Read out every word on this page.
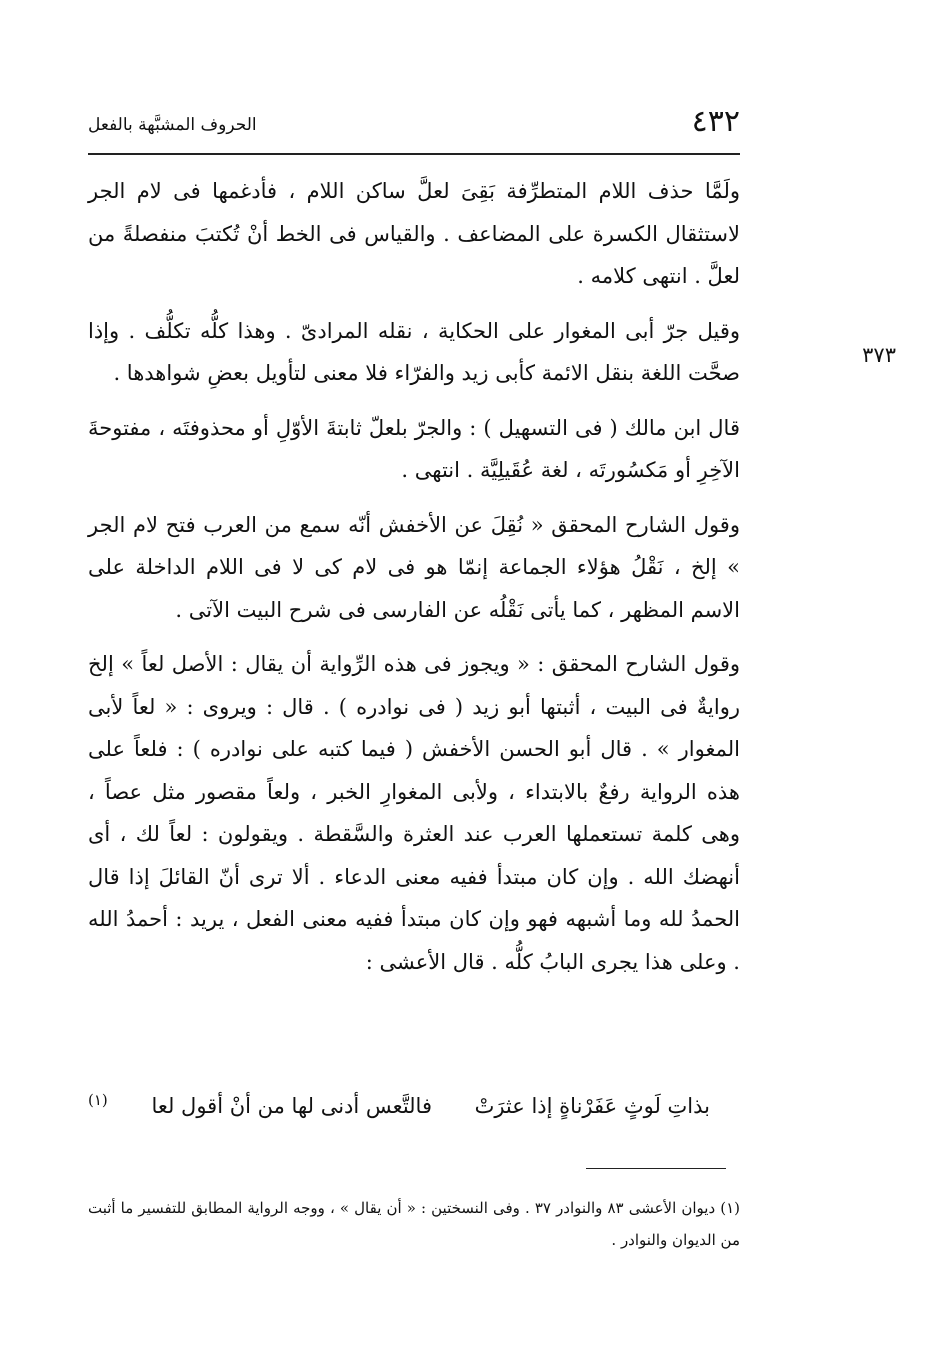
٤٣٢
الحروف المشبَّهة بالفعل
٣٧٣

ولَمَّا حذف اللام المتطرِّفة بَقِىَ لعلَّ ساكن اللام ، فأدغمها فى لام الجر لاستثقال الكسرة على المضاعف . والقياس فى الخط أنْ تُكتبَ منفصلةً من لعلَّ . انتهى كلامه .

وقيل جرّ أبى المغوار على الحكاية ، نقله المرادىّ . وهذا كلُّه تكلُّف . وإذا صحَّت اللغة بنقل الائمة كأبى زيد والفرّاء فلا معنى لتأويل بعضِ شواهدها .

قال ابن مالك ( فى التسهيل ) : والجرّ بلعلّ ثابتةَ الأوّلِ أو محذوفتَه ، مفتوحةَ الآخِرِ أو مَكسُورتَه ، لغة عُقَيلِيَّة . انتهى .

وقول الشارح المحقق « نُقِلَ عن الأخفش أنّه سمع من العرب فتح لام الجر » إلخ ، نَقْلُ هؤلاء الجماعة إنمّا هو فى لام كى لا فى اللام الداخلة على الاسم المظهر ، كما يأتى نَقْلُه عن الفارسى فى شرح البيت الآتى .

وقول الشارح المحقق : « ويجوز فى هذه الرِّواية أن يقال : الأصل لعاً » إلخ روايةٌ فى البيت ، أثبتها أبو زيد ( فى نوادره ) . قال : ويروى : « لعاً لأبى المغوار » . قال أبو الحسن الأخفش ( فيما كتبه على نوادره ) : فلعاً على هذه الرواية رفعٌ بالابتداء ، ولأبى المغوارِ الخبر ، ولعاً مقصور مثل عصاً ، وهى كلمة تستعملها العرب عند العثرة والسَّقطة . ويقولون : لعاً لك ، أى أنهضك الله . وإن كان مبتدأ ففيه معنى الدعاء . ألا ترى أنّ القائلَ إذا قال الحمدُ لله وما أشبهه فهو وإن كان مبتدأ ففيه معنى الفعل ، يريد : أحمدُ الله . وعلى هذا يجرى البابُ كلُّه . قال الأعشى :

بذاتِ لَوثٍ عَفَرْناةٍ إذا عثرَتْ
فالتَّعس أدنى لها من أنْ أقول لعا
(١)
(١) ديوان الأعشى ٨٣ والنوادر ٣٧ . وفى النسختين : « أن يقال » ، ووجه الرواية المطابق للتفسير ما أثبت من الديوان والنوادر .
